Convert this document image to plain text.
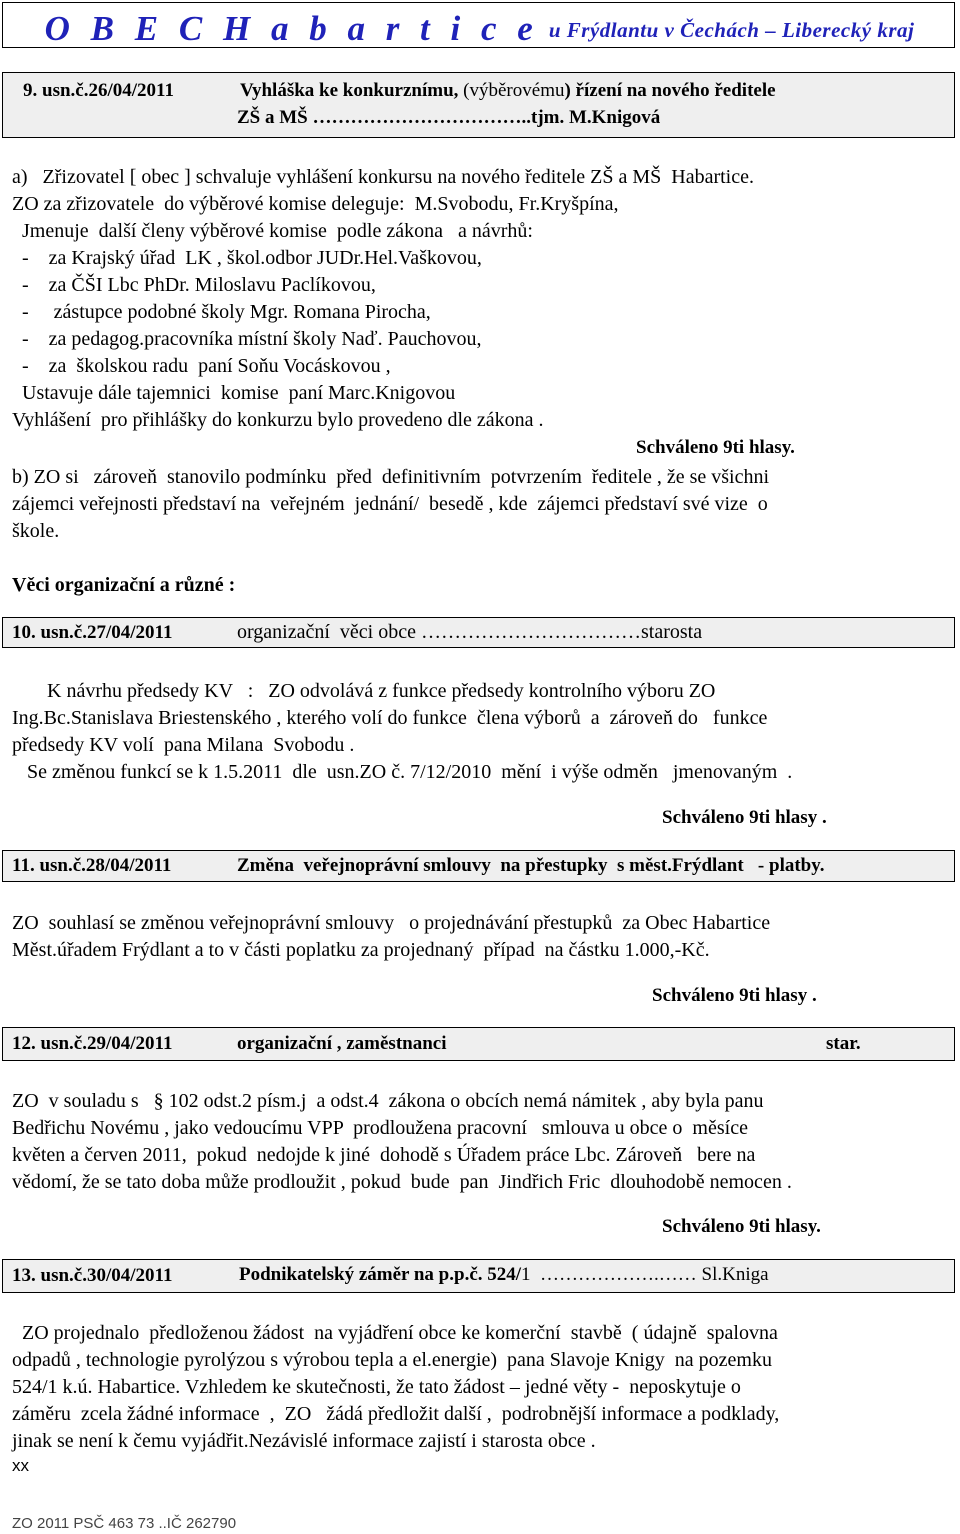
O B E C H a b a r t i c e u Frýdlantu v Čechách – Liberecký kraj
9. usn.č.26/04/2011	Vyhláška ke konkurznímu, (výběrovému) řízení na nového ředitele
ZŠ a MŠ ……………………………..tjm. M.Knigová
a)   Zřizovatel [ obec ] schvaluje vyhlášení konkursu na nového ředitele ZŠ a MŠ  Habartice.
ZO za zřizovatele  do výběrové komise deleguje:  M.Svobodu, Fr.Kryšpína,
Jmenuje  další členy výběrové komise  podle zákona   a návrhů:
-    za Krajský úřad  LK , škol.odbor JUDr.Hel.Vaškovou,
-    za ČŠI Lbc PhDr. Miloslavu Paclíkovou,
-     zástupce podobné školy Mgr. Romana Pirocha,
-    za pedagog.pracovníka místní školy Naď. Pauchovou,
-    za  školskou radu  paní Soňu Vocáskovou ,
Ustavuje dále tajemnici  komise  paní Marc.Knigovou
Vyhlášení  pro přihlášky do konkurzu bylo provedeno dle zákona .
Schváleno 9ti hlasy.
b) ZO si   zároveň  stanovilo podmínku  před  definitivním  potvrzením  ředitele , že se všichni
zájemci veřejnosti představí na  veřejném  jednání/  besedě , kde  zájemci představí své vize  o
škole.
Věci organizační a různé :
10. usn.č.27/04/2011	organizační  věci obce ……………………………starosta
K návrhu předsedy KV   :   ZO odvolává z funkce předsedy kontrolního výboru ZO
Ing.Bc.Stanislava Briestenského , kterého volí do funkce  člena výborů  a  zároveň do   funkce
předsedy KV volí  pana Milana  Svobodu .
Se změnou funkcí se k 1.5.2011  dle  usn.ZO č. 7/12/2010  mění  i výše odměn   jmenovaným  .
Schváleno 9ti hlasy .
11. usn.č.28/04/2011	Změna  veřejnoprávní smlouvy  na přestupky  s měst.Frýdlant   - platby.
ZO  souhlasí se změnou veřejnoprávní smlouvy   o projednávání přestupků  za Obec Habartice
Měst.úřadem Frýdlant a to v části poplatku za projednaný  případ  na částku 1.000,-Kč.
Schváleno 9ti hlasy .
12. usn.č.29/04/2011	organizační , zaměstnanci	star.
ZO  v souladu s   § 102 odst.2 písm.j  a odst.4  zákona o obcích nemá námitek , aby byla panu
Bedřichu Novému , jako vedoucímu VPP  prodloužena pracovní   smlouva u obce o  měsíce
květen a červen 2011,  pokud  nedojde k jiné  dohodě s Úřadem práce Lbc. Zároveň   bere na
vědomí, že se tato doba může prodloužit , pokud  bude  pan  Jindřich Fric  dlouhodobě nemocen .
Schváleno 9ti hlasy.
13. usn.č.30/04/2011	Podnikatelský záměr na p.p.č. 524/1  ……………….…… Sl.Kniga
ZO projednalo  předloženou žádost  na vyjádření obce ke komerční  stavbě  ( údajně  spalovna
odpadů , technologie pyrolýzou s výrobou tepla a el.energie)  pana Slavoje Knigy  na pozemku
524/1 k.ú. Habartice. Vzhledem ke skutečnosti, že tato žádost – jedné věty -  neposkytuje o
záměru  zcela žádné informace  ,  ZO   žádá předložit další ,  podrobnější informace a podklady,
jinak se není k čemu vyjádřit.Nezávislé informace zajistí i starosta obce .
xx
ZO 2011 PSČ 463 73 ..IČ 262790
